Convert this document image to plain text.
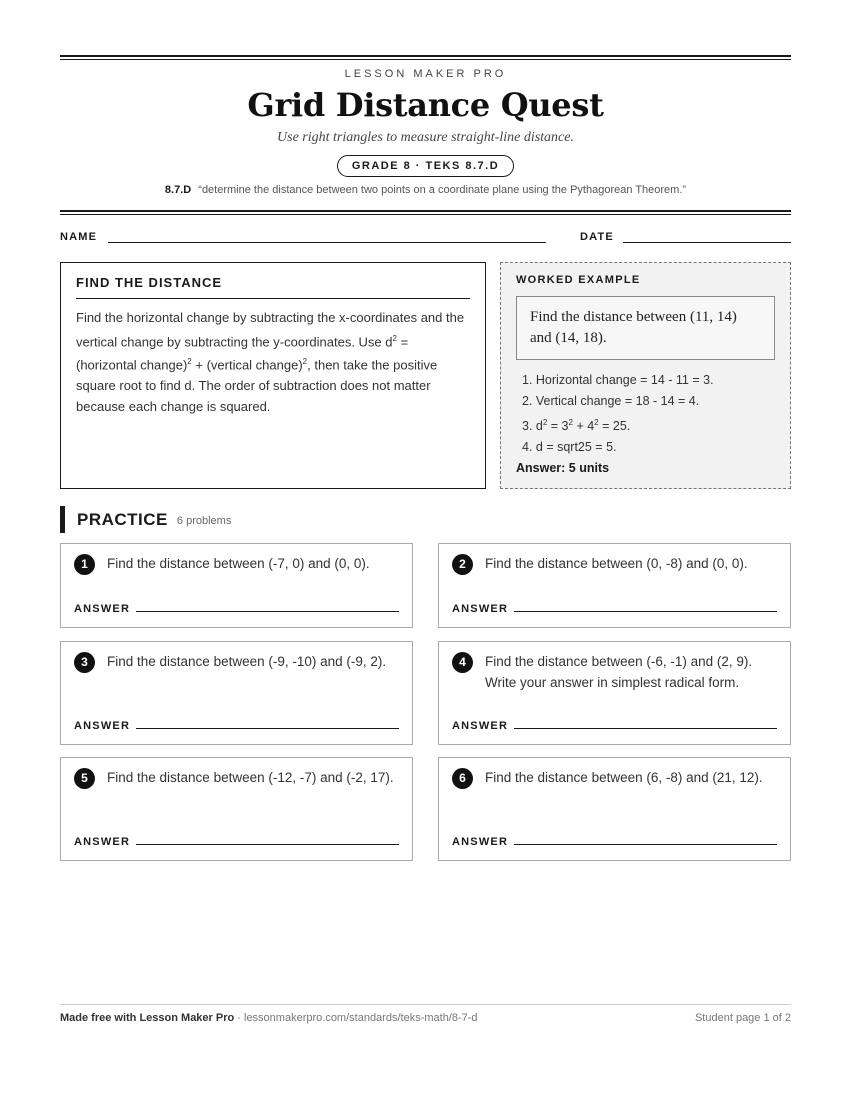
LESSON MAKER PRO
Grid Distance Quest
Use right triangles to measure straight-line distance.
GRADE 8 · TEKS 8.7.D
8.7.D “determine the distance between two points on a coordinate plane using the Pythagorean Theorem.”
NAME	DATE
FIND THE DISTANCE
Find the horizontal change by subtracting the x-coordinates and the vertical change by subtracting the y-coordinates. Use $d^2$ = (horizontal change)$^2$ + (vertical change)$^2$, then take the positive square root to find d. The order of subtraction does not matter because each change is squared.
WORKED EXAMPLE
Find the distance between (11, 14) and (14, 18).
1. Horizontal change = 14 - 11 = 3.
2. Vertical change = 18 - 14 = 4.
3. $d^2 = 3^2 + 4^2 = 25$.
4. d = sqrt25 = 5.
Answer: 5 units
PRACTICE 6 problems
1	Find the distance between (-7, 0) and (0, 0).
ANSWER
2	Find the distance between (0, -8) and (0, 0).
ANSWER
3	Find the distance between (-9, -10) and (-9, 2).
ANSWER
4	Find the distance between (-6, -1) and (2, 9). Write your answer in simplest radical form.
ANSWER
5	Find the distance between (-12, -7) and (-2, 17).
ANSWER
6	Find the distance between (6, -8) and (21, 12).
ANSWER
Made free with Lesson Maker Pro · lessonmakerpro.com/standards/teks-math/8-7-d	Student page 1 of 2
